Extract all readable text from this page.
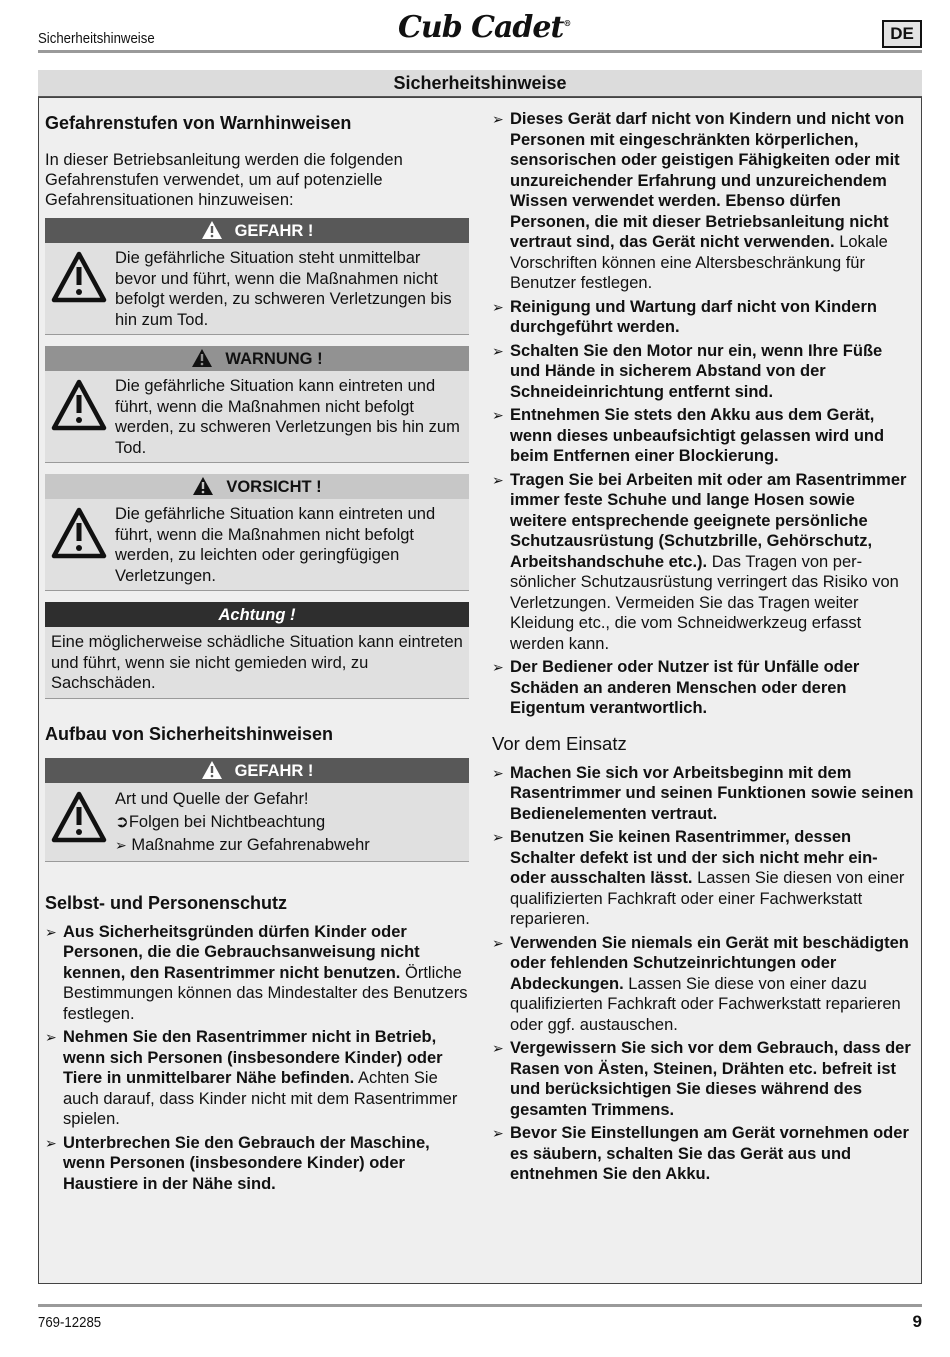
Sicherheitshinweise	Cub Cadet®
DE
Sicherheitshinweise
Gefahrenstufen von Warnhinweisen

In dieser Betriebsanleitung werden die folgenden Gefahrenstufen verwendet, um auf potenzielle Gefahrensituationen hinzuweisen:

GEFAHR !
Die gefährliche Situation steht unmittelbar bevor und führt, wenn die Maßnahmen nicht befolgt werden, zu schweren Verletzungen bis hin zum Tod.
WARNUNG !
Die gefährliche Situation kann eintreten und führt, wenn die Maßnahmen nicht befolgt werden, zu schweren Verletzungen bis hin zum Tod.
VORSICHT !
Die gefährliche Situation kann eintreten und führt, wenn die Maßnahmen nicht befolgt werden, zu leichten oder geringfügigen Verletzungen.
Achtung !
Eine möglicherweise schädliche Situation kann eintreten und führt, wenn sie nicht gemieden wird, zu Sachschäden.
Aufbau von Sicherheitshinweisen
GEFAHR !
Art und Quelle der Gefahr!
➲Folgen bei Nichtbeachtung
➢ Maßnahme zur Gefahrenabwehr
Selbst- und Personenschutz
➢ Aus Sicherheitsgründen dürfen Kinder oder Personen, die die Gebrauchsanweisung nicht kennen, den Rasentrimmer nicht benutzen. Örtliche Bestimmungen können das Mindestalter des Benutzers festlegen.
➢ Nehmen Sie den Rasentrimmer nicht in Betrieb, wenn sich Personen (insbesondere Kinder) oder Tiere in unmittelbarer Nähe befinden. Achten Sie auch darauf, dass Kinder nicht mit dem Rasentrimmer spielen.
➢ Unterbrechen Sie den Gebrauch der Maschine, wenn Personen (insbesondere Kinder) oder Haustiere in der Nähe sind.
➢ Dieses Gerät darf nicht von Kindern und nicht von Personen mit eingeschränkten körperlichen, sensorischen oder geistigen Fähigkeiten oder mit unzureichender Erfahrung und unzureichendem Wissen verwendet werden. Ebenso dürfen Personen, die mit dieser Betriebsanleitung nicht vertraut sind, das Gerät nicht verwenden. Lokale Vorschriften können eine Altersbeschränkung für Benutzer festlegen.
➢ Reinigung und Wartung darf nicht von Kindern durchgeführt werden.
➢ Schalten Sie den Motor nur ein, wenn Ihre Füße und Hände in sicherem Abstand von der Schneideinrichtung entfernt sind.
➢ Entnehmen Sie stets den Akku aus dem Gerät, wenn dieses unbeaufsichtigt gelassen wird und beim Entfernen einer Blockierung.
➢ Tragen Sie bei Arbeiten mit oder am Rasentrimmer immer feste Schuhe und lange Hosen sowie weitere entsprechende geeignete persönliche Schutzausrüstung (Schutzbrille, Gehörschutz, Arbeitshandschuhe etc.). Das Tragen von persönlicher Schutzausrüstung verringert das Risiko von Verletzungen. Vermeiden Sie das Tragen weiter Kleidung etc., die vom Schneidwerkzeug erfasst werden kann.
➢ Der Bediener oder Nutzer ist für Unfälle oder Schäden an anderen Menschen oder deren Eigentum verantwortlich.
Vor dem Einsatz
➢ Machen Sie sich vor Arbeitsbeginn mit dem Rasentrimmer und seinen Funktionen sowie seinen Bedienelementen vertraut.
➢ Benutzen Sie keinen Rasentrimmer, dessen Schalter defekt ist und der sich nicht mehr ein- oder ausschalten lässt. Lassen Sie diesen von einer qualifizierten Fachkraft oder einer Fachwerkstatt reparieren.
➢ Verwenden Sie niemals ein Gerät mit beschädigten oder fehlenden Schutzeinrichtungen oder Abdeckungen. Lassen Sie diese von einer dazu qualifizierten Fachkraft oder Fachwerkstatt reparieren oder ggf. austauschen.
➢ Vergewissern Sie sich vor dem Gebrauch, dass der Rasen von Ästen, Steinen, Drähten etc. befreit ist und berücksichtigen Sie dieses während des gesamten Trimmens.
➢ Bevor Sie Einstellungen am Gerät vornehmen oder es säubern, schalten Sie das Gerät aus und entnehmen Sie den Akku.
769-12285	9
